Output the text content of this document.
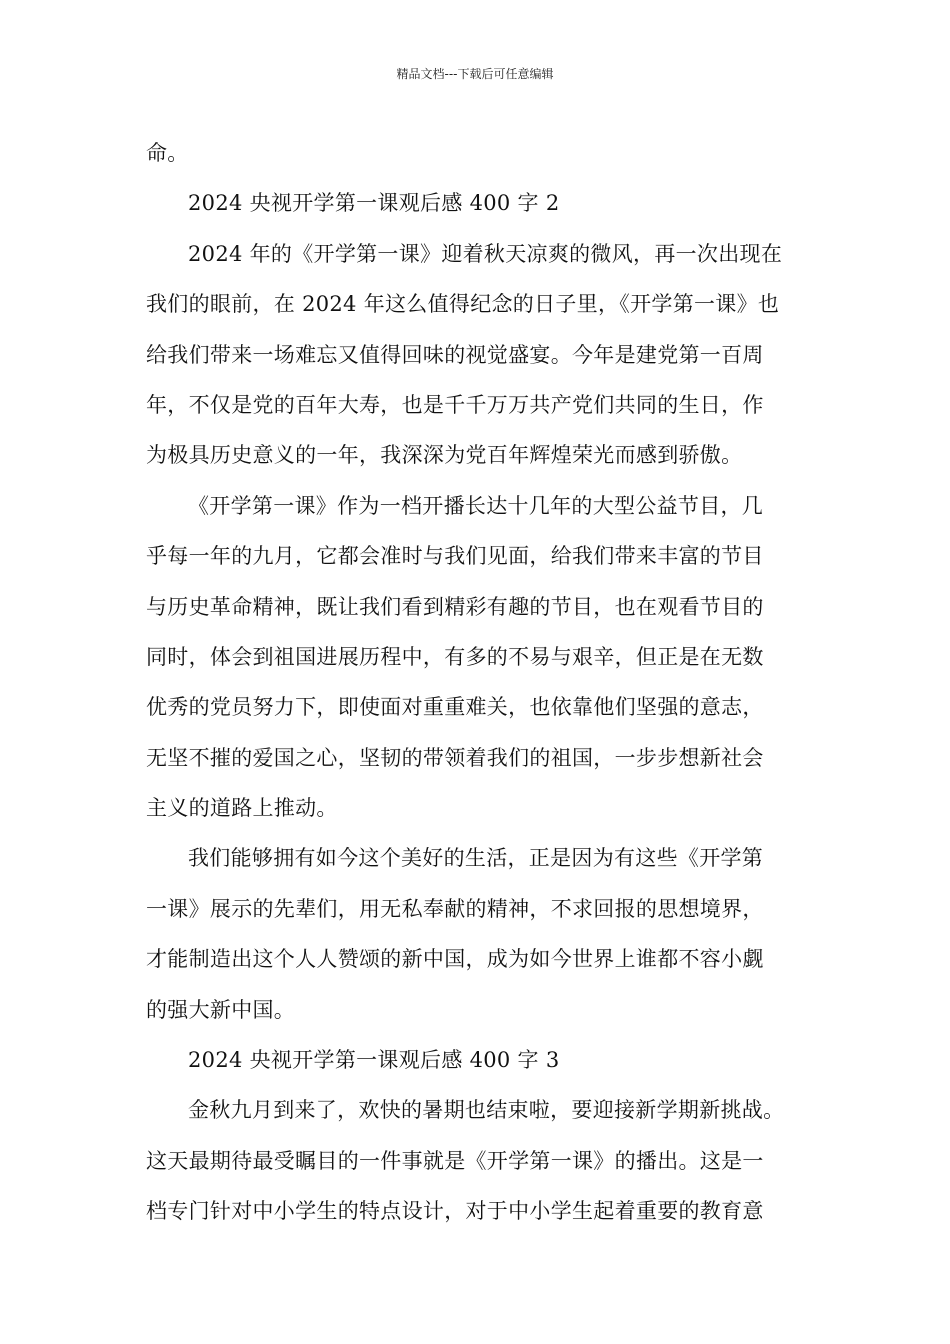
精品文档---下载后可任意编辑
命。
2024 央视开学第一课观后感 400 字 2
2024 年的《开学第一课》迎着秋天凉爽的微风，再一次出现在
我们的眼前，在 2024 年这么值得纪念的日子里，《开学第一课》也
给我们带来一场难忘又值得回味的视觉盛宴。今年是建党第一百周
年，不仅是党的百年大寿，也是千千万万共产党们共同的生日，作
为极具历史意义的一年，我深深为党百年辉煌荣光而感到骄傲。
《开学第一课》作为一档开播长达十几年的大型公益节目，几
乎每一年的九月，它都会准时与我们见面，给我们带来丰富的节目
与历史革命精神，既让我们看到精彩有趣的节目，也在观看节目的
同时，体会到祖国进展历程中，有多的不易与艰辛，但正是在无数
优秀的党员努力下，即使面对重重难关，也依靠他们坚强的意志，
无坚不摧的爱国之心，坚韧的带领着我们的祖国，一步步想新社会
主义的道路上推动。
我们能够拥有如今这个美好的生活，正是因为有这些《开学第
一课》展示的先辈们，用无私奉献的精神，不求回报的思想境界，
才能制造出这个人人赞颂的新中国，成为如今世界上谁都不容小觑
的强大新中国。
2024 央视开学第一课观后感 400 字 3
金秋九月到来了，欢快的暑期也结束啦，要迎接新学期新挑战。
这天最期待最受瞩目的一件事就是《开学第一课》的播出。这是一
档专门针对中小学生的特点设计，对于中小学生起着重要的教育意
